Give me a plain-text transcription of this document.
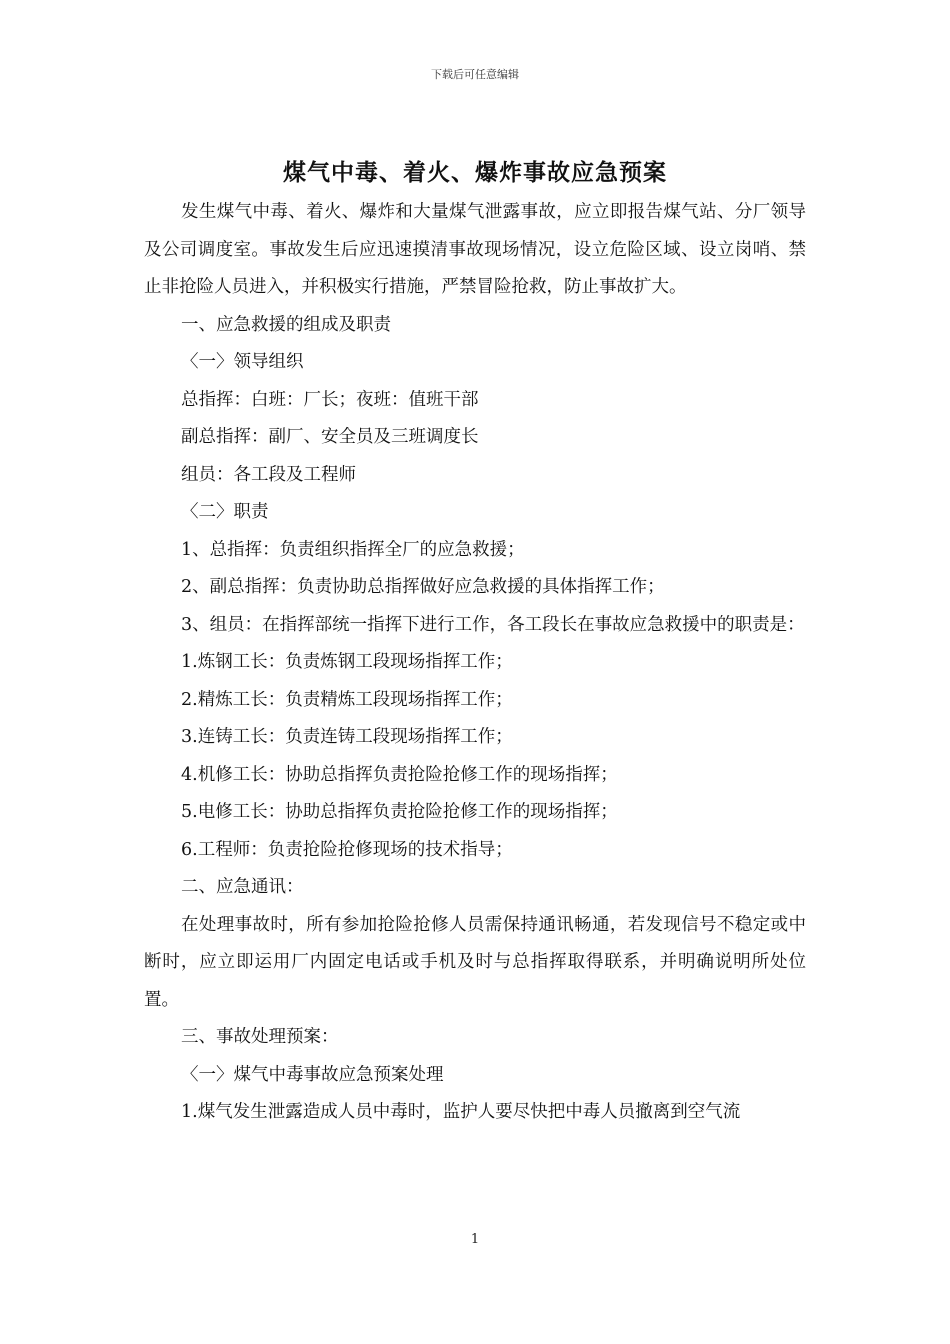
下载后可任意编辑
煤气中毒、着火、爆炸事故应急预案

发生煤气中毒、着火、爆炸和大量煤气泄露事故，应立即报告煤气站、分厂领导及公司调度室。事故发生后应迅速摸清事故现场情况，设立危险区域、设立岗哨、禁止非抢险人员进入，并积极实行措施，严禁冒险抢救，防止事故扩大。

一、应急救援的组成及职责

〈一〉领导组织

总指挥：白班：厂长；夜班：值班干部

副总指挥：副厂、安全员及三班调度长

组员：各工段及工程师

〈二〉职责

1、总指挥：负责组织指挥全厂的应急救援；

2、副总指挥：负责协助总指挥做好应急救援的具体指挥工作；

3、组员：在指挥部统一指挥下进行工作，各工段长在事故应急救援中的职责是：

1.炼钢工长：负责炼钢工段现场指挥工作；

2.精炼工长：负责精炼工段现场指挥工作；

3.连铸工长：负责连铸工段现场指挥工作；

4.机修工长：协助总指挥负责抢险抢修工作的现场指挥；

5.电修工长：协助总指挥负责抢险抢修工作的现场指挥；

6.工程师：负责抢险抢修现场的技术指导；

二、应急通讯：

在处理事故时，所有参加抢险抢修人员需保持通讯畅通，若发现信号不稳定或中断时，应立即运用厂内固定电话或手机及时与总指挥取得联系，并明确说明所处位置。

三、事故处理预案：

〈一〉煤气中毒事故应急预案处理

1.煤气发生泄露造成人员中毒时，监护人要尽快把中毒人员撤离到空气流

1
